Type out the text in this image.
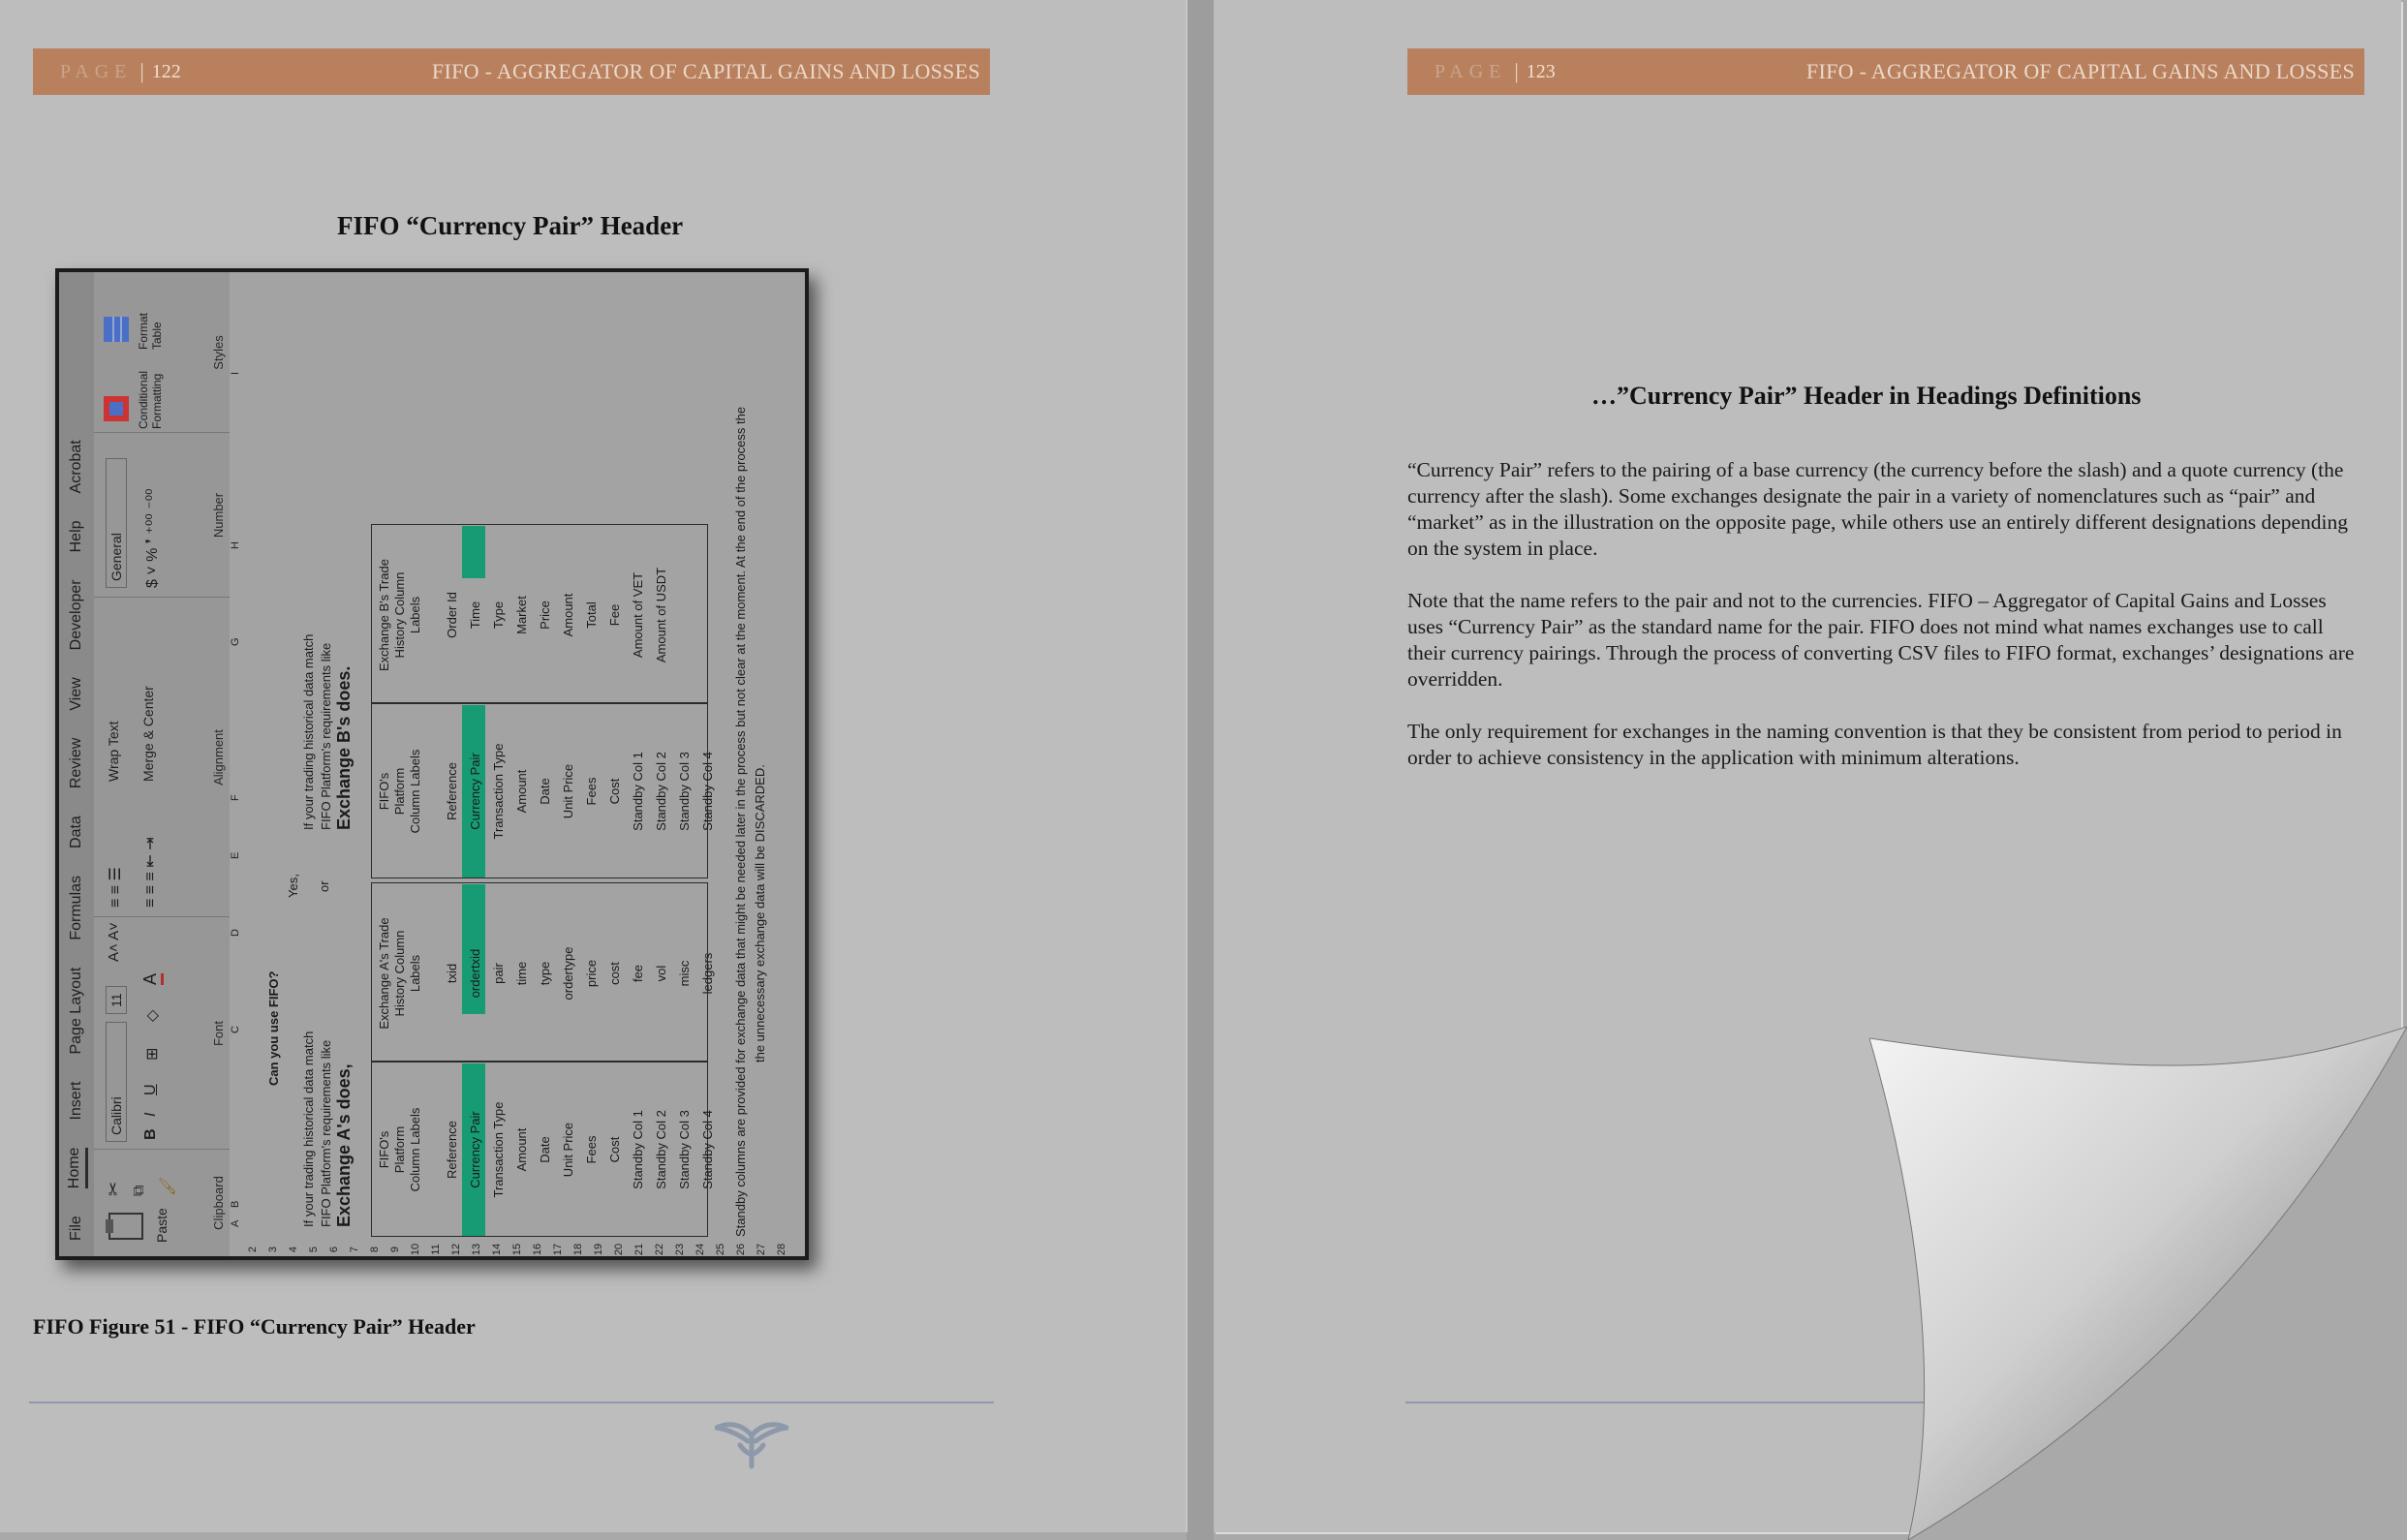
PAGE | 122	FIFO - AGGREGATOR OF CAPITAL GAINS AND LOSSES
FIFO “Currency Pair” Header
File
Home
Insert
Page Layout
Formulas
Data
Review
View
Developer
Help
Acrobat
Paste
✂ ⧉ 🖌	Clipboard
Calibri
11
A˄ A˅
B
I
U
⊞
◇
A
Font
≡ ≡ ☰ ≡ ≡ ≡ ⇤ ⇥
Wrap Text Merge & Center	Alignment
General $ ˅ % ❜ ⁺⁰⁰ ⁻⁰⁰	Number
Conditional Formatting
Format Table	Styles
A
B
C
D
E
F
G
H
I
2 3 4 5 6 7 8 9 10 11 12 13 14 15 16 17 18 19 20 21 22 23 24 25 26 27 28
Can you use FIFO?
Yes, or
If your trading historical data match FIFO Platform's requirements like Exchange A's does,
If your trading historical data match FIFO Platform's requirements like Exchange B's does.
FIFO's Platform Column Labels Reference Currency Pair Transaction Type Amount Date Unit Price Fees Cost Standby Col 1 Standby Col 2 Standby Col 3 Standby Col 4
Exchange A's Trade History Column Labels txid ordertxid pair time type ordertype price cost fee vol misc ledgers
FIFO's Platform Column Labels Reference Currency Pair Transaction Type Amount Date Unit Price Fees Cost Standby Col 1 Standby Col 2 Standby Col 3 Standby Col 4
Exchange B's Trade History Column Labels Order Id Time Type Market Price Amount Total Fee Amount of VET Amount of USDT	Standby columns are provided for exchange data that might be needed later in the process but not clear at the moment. At the end of the process the the unnecessary exchange data will be DISCARDED.
FIFO Figure 51 - FIFO “Currency Pair” Header
PAGE | 123	FIFO - AGGREGATOR OF CAPITAL GAINS AND LOSSES
…”Currency Pair” Header in Headings Definitions

“Currency Pair” refers to the pairing of a base currency (the currency before the slash) and a quote currency (the currency after the slash). Some exchanges designate the pair in a variety of nomenclatures such as “pair” and “market” as in the illustration on the opposite page, while others use an entirely different designations depending on the system in place.

Note that the name refers to the pair and not to the currencies. FIFO – Aggregator of Capital Gains and Losses uses “Currency Pair” as the standard name for the pair. FIFO does not mind what names exchanges use to call their currency pairings. Through the process of converting CSV files to FIFO format, exchanges’ designations are overridden.

The only requirement for exchanges in the naming convention is that they be consistent from period to period in order to achieve consistency in the application with minimum alterations.
